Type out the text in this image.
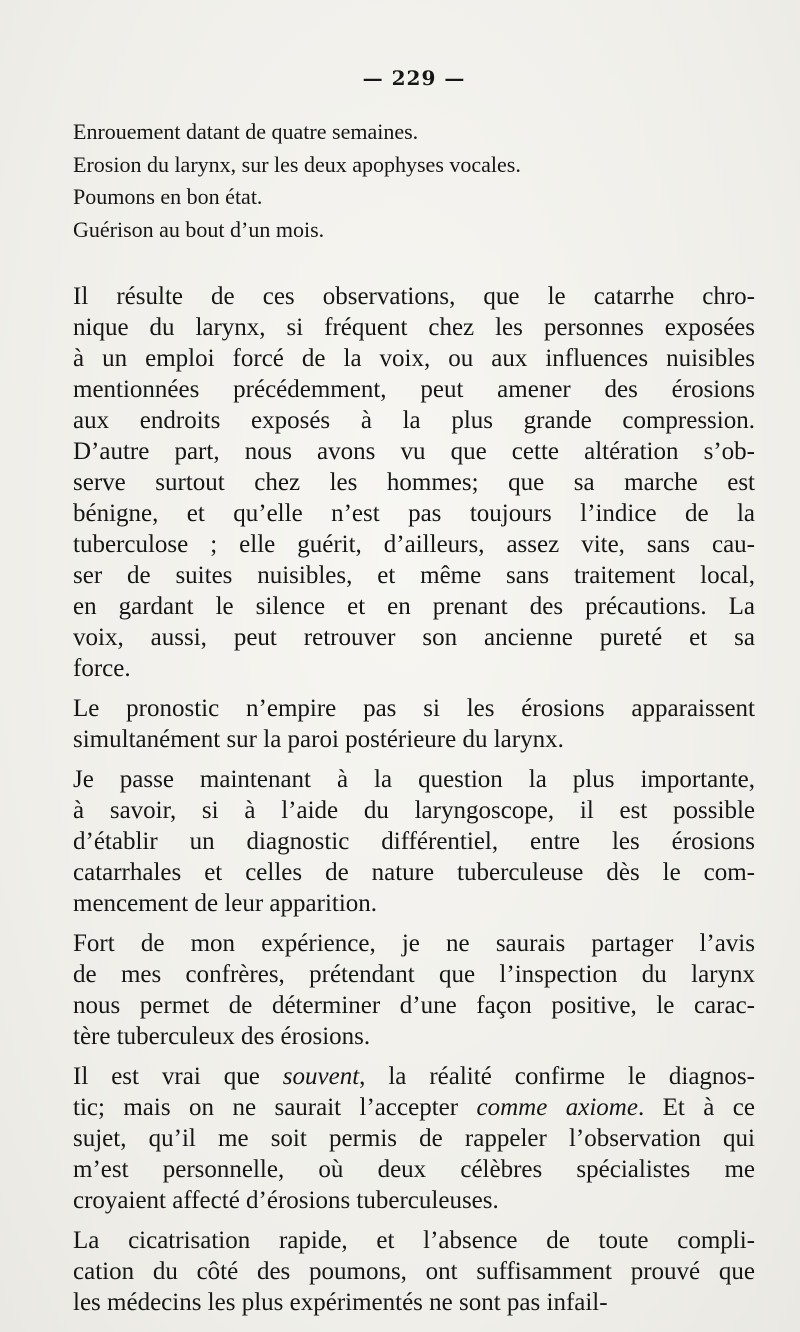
— 229 —
Enrouement datant de quatre semaines.
Erosion du larynx, sur les deux apophyses vocales.
Poumons en bon état.
Guérison au bout d’un mois.

Il résulte de ces observations, que le catarrhe chro-
nique du larynx, si fréquent chez les personnes exposées
à un emploi forcé de la voix, ou aux influences nuisibles
mentionnées précédemment, peut amener des érosions
aux endroits exposés à la plus grande compression.
D’autre part, nous avons vu que cette altération s’ob-
serve surtout chez les hommes; que sa marche est
bénigne, et qu’elle n’est pas toujours l’indice de la
tuberculose ; elle guérit, d’ailleurs, assez vite, sans cau-
ser de suites nuisibles, et même sans traitement local,
en gardant le silence et en prenant des précautions. La
voix, aussi, peut retrouver son ancienne pureté et sa
force.

Le pronostic n’empire pas si les érosions apparaissent
simultanément sur la paroi postérieure du larynx.

Je passe maintenant à la question la plus importante,
à savoir, si à l’aide du laryngoscope, il est possible
d’établir un diagnostic différentiel, entre les érosions
catarrhales et celles de nature tuberculeuse dès le com-
mencement de leur apparition.

Fort de mon expérience, je ne saurais partager l’avis
de mes confrères, prétendant que l’inspection du larynx
nous permet de déterminer d’une façon positive, le carac-
tère tuberculeux des érosions.

Il est vrai que souvent, la réalité confirme le diagnos-
tic; mais on ne saurait l’accepter comme axiome. Et à ce
sujet, qu’il me soit permis de rappeler l’observation qui
m’est personnelle, où deux célèbres spécialistes me
croyaient affecté d’érosions tuberculeuses.

La cicatrisation rapide, et l’absence de toute compli-
cation du côté des poumons, ont suffisamment prouvé que
les médecins les plus expérimentés ne sont pas infail-
